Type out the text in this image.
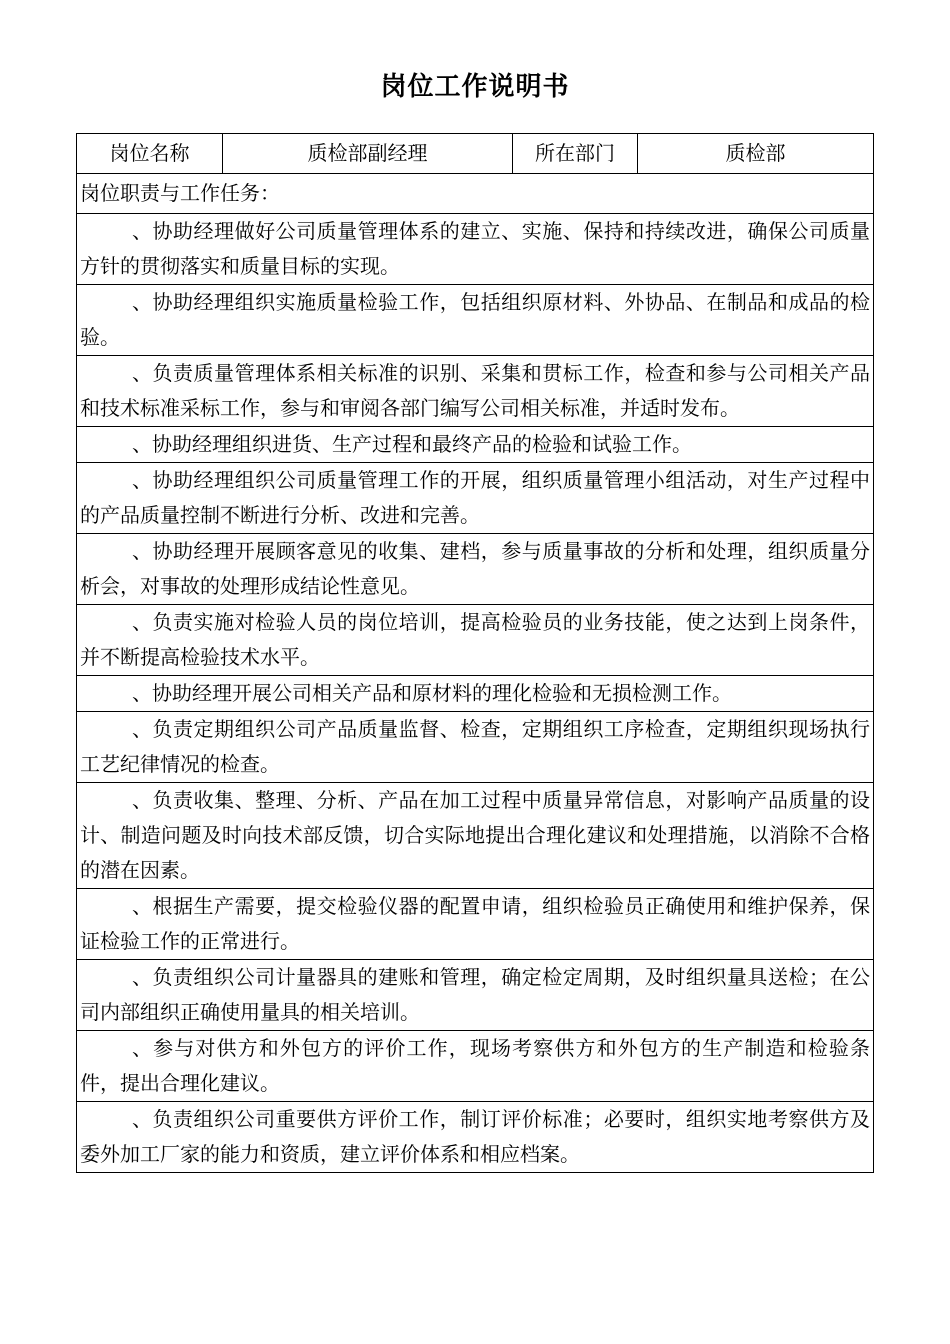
岗位工作说明书
岗位名称	质检部副经理	所在部门	质检部
岗位职责与工作任务：
、协助经理做好公司质量管理体系的建立、实施、保持和持续改进，确保公司质量方针的贯彻落实和质量目标的实现。
、协助经理组织实施质量检验工作，包括组织原材料、外协品、在制品和成品的检验。
、负责质量管理体系相关标准的识别、采集和贯标工作，检查和参与公司相关产品和技术标准采标工作，参与和审阅各部门编写公司相关标准，并适时发布。
、协助经理组织进货、生产过程和最终产品的检验和试验工作。
、协助经理组织公司质量管理工作的开展，组织质量管理小组活动，对生产过程中的产品质量控制不断进行分析、改进和完善。
、协助经理开展顾客意见的收集、建档，参与质量事故的分析和处理，组织质量分析会，对事故的处理形成结论性意见。
、负责实施对检验人员的岗位培训，提高检验员的业务技能，使之达到上岗条件，并不断提高检验技术水平。
、协助经理开展公司相关产品和原材料的理化检验和无损检测工作。
、负责定期组织公司产品质量监督、检查，定期组织工序检查，定期组织现场执行工艺纪律情况的检查。
、负责收集、整理、分析、产品在加工过程中质量异常信息，对影响产品质量的设计、制造问题及时向技术部反馈，切合实际地提出合理化建议和处理措施，以消除不合格的潜在因素。
、根据生产需要，提交检验仪器的配置申请，组织检验员正确使用和维护保养，保证检验工作的正常进行。
、负责组织公司计量器具的建账和管理，确定检定周期，及时组织量具送检；在公司内部组织正确使用量具的相关培训。
、参与对供方和外包方的评价工作，现场考察供方和外包方的生产制造和检验条件，提出合理化建议。
、负责组织公司重要供方评价工作，制订评价标准；必要时，组织实地考察供方及委外加工厂家的能力和资质，建立评价体系和相应档案。
